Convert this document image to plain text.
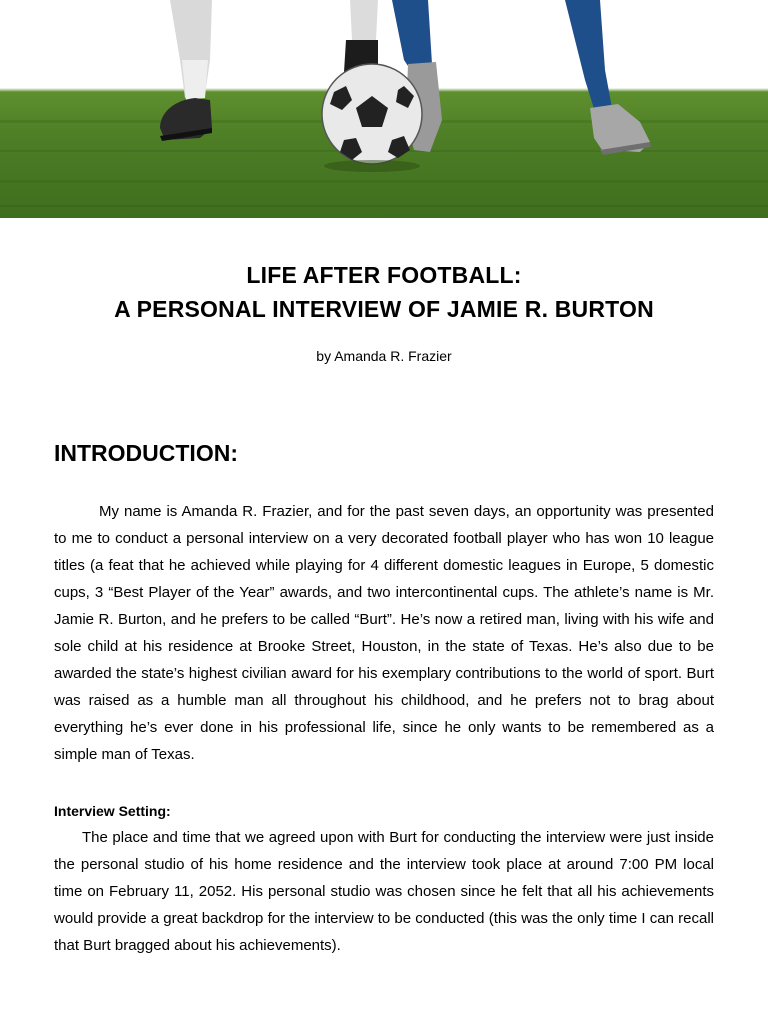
LIFE AFTER FOOTBALL:
A PERSONAL INTERVIEW OF JAMIE R. BURTON
by Amanda R. Frazier
INTRODUCTION:

My name is Amanda R. Frazier, and for the past seven days, an opportunity was presented to me to conduct a personal interview on a very decorated football player who has won 10 league titles (a feat that he achieved while playing for 4 different domestic leagues in Europe, 5 domestic cups, 3 “Best Player of the Year” awards, and two intercontinental cups. The athlete’s name is Mr. Jamie R. Burton, and he prefers to be called “Burt”. He’s now a retired man, living with his wife and sole child at his residence at Brooke Street, Houston, in the state of Texas. He’s also due to be awarded the state’s highest civilian award for his exemplary contributions to the world of sport. Burt was raised as a humble man all throughout his childhood, and he prefers not to brag about everything he’s ever done in his professional life, since he only wants to be remembered as a simple man of Texas.

Interview Setting:

The place and time that we agreed upon with Burt for conducting the interview were just inside the personal studio of his home residence and the interview took place at around 7:00 PM local time on February 11, 2052. His personal studio was chosen since he felt that all his achievements would provide a great backdrop for the interview to be conducted (this was the only time I can recall that Burt bragged about his achievements).
